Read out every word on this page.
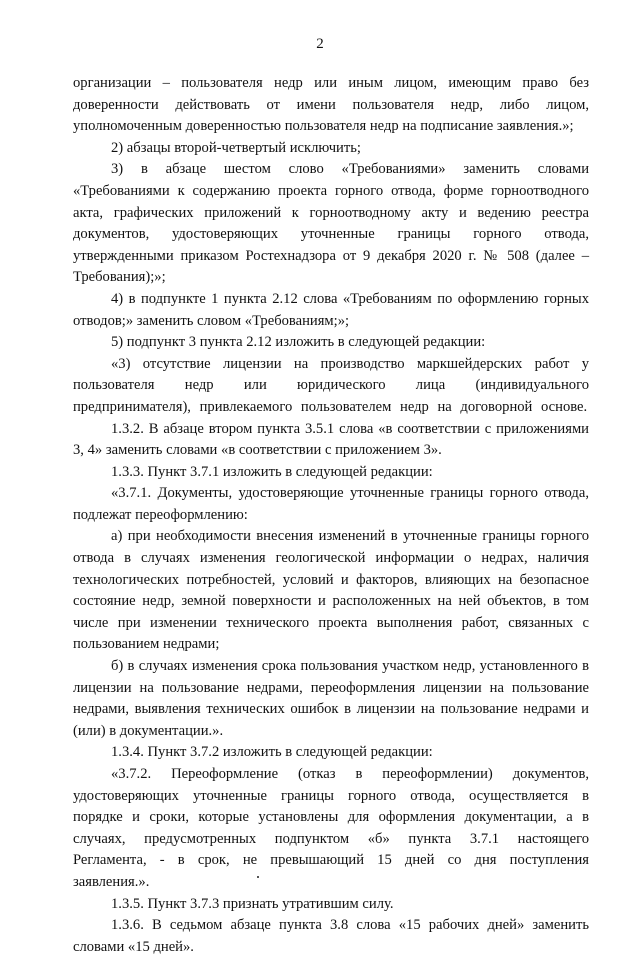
2

организации – пользователя недр или иным лицом, имеющим право без доверенности действовать от имени пользователя недр, либо лицом, уполномоченным доверенностью пользователя недр на подписание заявления.»;

2) абзацы второй-четвертый исключить;

3) в абзаце шестом слово «Требованиями» заменить словами «Требованиями к содержанию проекта горного отвода, форме горноотводного акта, графических приложений к горноотводному акту и ведению реестра документов, удостоверяющих уточненные границы горного отвода, утвержденными приказом Ростехнадзора от 9 декабря 2020 г. № 508 (далее – Требования);»;

4) в подпункте 1 пункта 2.12 слова «Требованиям по оформлению горных отводов;» заменить словом «Требованиям;»;

5) подпункт 3 пункта 2.12 изложить в следующей редакции:

«3) отсутствие лицензии на производство маркшейдерских работ у пользователя недр или юридического лица (индивидуального предпринимателя), привлекаемого пользователем недр на договорной основе.

1.3.2. В абзаце втором пункта 3.5.1 слова «в соответствии с приложениями 3, 4» заменить словами «в соответствии с приложением 3».

1.3.3. Пункт 3.7.1 изложить в следующей редакции:

«3.7.1. Документы, удостоверяющие уточненные границы горного отвода, подлежат переоформлению:

а) при необходимости внесения изменений в уточненные границы горного отвода в случаях изменения геологической информации о недрах, наличия технологических потребностей, условий и факторов, влияющих на безопасное состояние недр, земной поверхности и расположенных на ней объектов, в том числе при изменении технического проекта выполнения работ, связанных с пользованием недрами;

б) в случаях изменения срока пользования участком недр, установленного в лицензии на пользование недрами, переоформления лицензии на пользование недрами, выявления технических ошибок в лицензии на пользование недрами и (или) в документации.».

1.3.4. Пункт 3.7.2 изложить в следующей редакции:

«3.7.2. Переоформление (отказ в переоформлении) документов, удостоверяющих уточненные границы горного отвода, осуществляется в порядке и сроки, которые установлены для оформления документации, а в случаях, предусмотренных подпунктом «б» пункта 3.7.1 настоящего Регламента, - в срок, не превышающий 15 дней со дня поступления заявления.».

1.3.5. Пункт 3.7.3 признать утратившим силу.

1.3.6. В седьмом абзаце пункта 3.8 слова «15 рабочих дней» заменить словами «15 дней».
